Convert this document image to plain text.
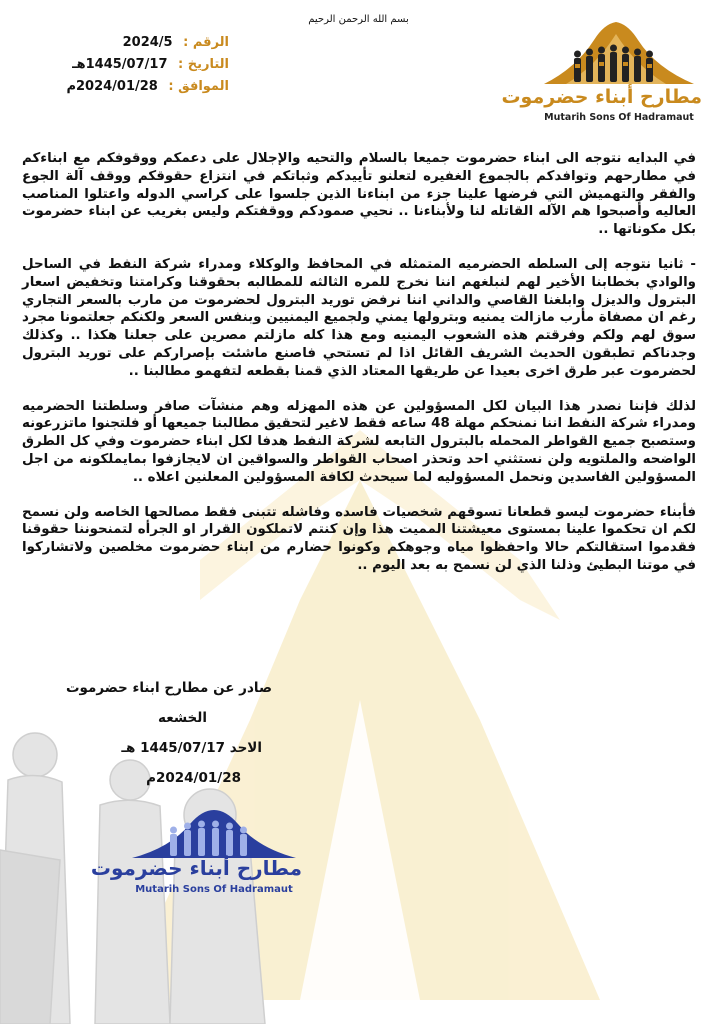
بسم الله الرحمن الرحيم
الرقم : 2024/5
التاريخ : 1445/07/17هـ
الموافق : 2024/01/28م	مطارح أبناء حضرموت
Mutarih Sons Of Hadramaut

في البدايه نتوجه الى ابناء حضرموت جميعا بالسلام والتحيه والإجلال على دعمكم ووقوفكم مع ابناءكم في مطارحهم وتوافدكم بالجموع الغفيره لتعلنو تأييدكم وثباتكم في انتزاع حقوقكم ووقف آلة الجوع والفقر والتهميش التي فرضها علينا جزء من ابناءنا الذين جلسوا على كراسي الدوله واعتلوا المناصب العاليه وأصبحوا هم الآله القاتله لنا ولأبناءنا .. نحيي صمودكم ووقفتكم وليس بغريب عن ابناء حضرموت بكل مكوناتها ..

- ثانيا نتوجه إلى السلطه الحضرميه المتمثله في المحافظ والوكلاء ومدراء شركة النفط في الساحل والوادي بخطابنا الأخير لهم لنبلغهم اننا نخرج للمره الثالثه للمطالبه بحقوقنا وكرامتنا وتخفيض اسعار البترول والديزل وابلغنا القاصي والداني اننا نرفض توريد البترول لحضرموت من مارب بالسعر التجاري رغم ان مصفاة مأرب مازالت يمنيه وبترولها يمني ولجميع اليمنيين وبنفس السعر ولكنكم جعلتمونا مجرد سوق لهم ولكم وفرقتم هذه الشعوب اليمنيه ومع هذا كله مازلتم مصرين على جعلنا هكذا .. وكذلك وجدناكم تطبقون الحديث الشريف القائل اذا لم تستحي فاصنع ماشئت بإصراركم على توريد البترول لحضرموت عبر طرق اخرى بعيدا عن طريقها المعتاد الذي قمنا بقطعه لتفهمو مطالبنا ..

لذلك فإننا نصدر هذا البيان لكل المسؤولين عن هذه المهزله وهم منشآت صافر وسلطتنا الحضرميه ومدراء شركة النفط اننا نمنحكم مهلة 48 ساعه فقط لاغير لتحقيق مطالبنا جميعها أو فلتجنوا ماتزرعونه وستصبح جميع القواطر المحمله بالبترول التابعه لشركة النفط هدفا لكل ابناء حضرموت وفي كل الطرق الواضحه والملتويه ولن نستثني احد وتحذر اصحاب القواطر والسواقين ان لايجازفوا بمايملكونه من اجل المسؤولين الفاسدين ونحمل المسؤوليه لما سيحدث لكافة المسؤولين المعلنين اعلاه ..

فأبناء حضرموت ليسو قطعانا تسوقهم شخصيات فاسده وفاشله تتبنى فقط مصالحها الخاصه ولن نسمح لكم ان تحكموا علينا بمستوى معيشتنا المميت هذا وإن كنتم لاتملكون القرار او الجرأه لتمنحوننا حقوقنا فقدموا استقالتكم حالا واحفظوا مياه وجوهكم وكونوا حضارم من ابناء حضرموت مخلصين ولاتشاركوا في موتنا البطيئ وذلنا الذي لن نسمح به بعد اليوم ..

صادر عن مطارح ابناء حضرموت
الخشعه
الاحد 1445/07/17 هـ
2024/01/28م
مطارح أبناء حضرموت
Mutarih Sons Of Hadramaut
